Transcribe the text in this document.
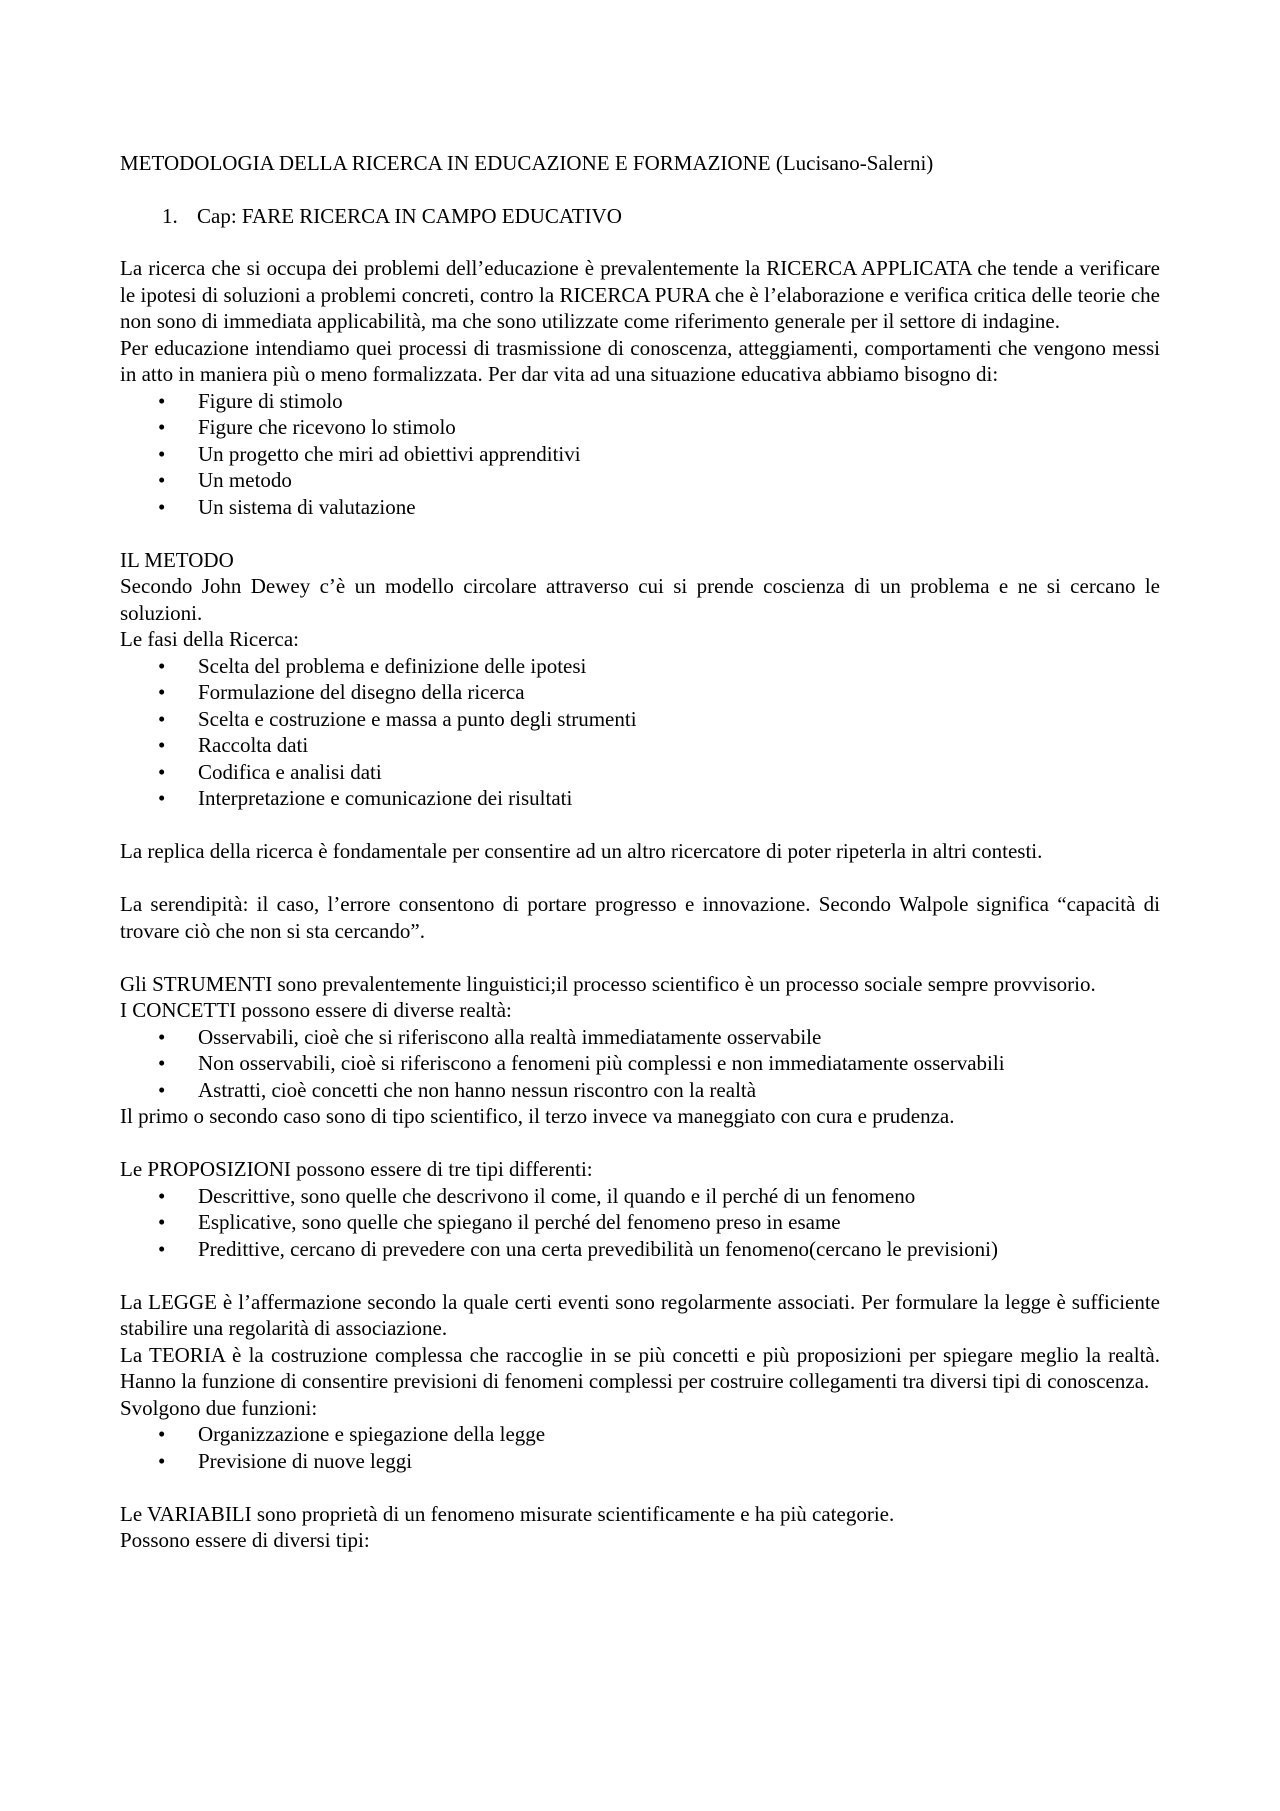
METODOLOGIA DELLA RICERCA IN EDUCAZIONE E FORMAZIONE (Lucisano-Salerni)

1. Cap: FARE RICERCA IN CAMPO EDUCATIVO

La ricerca che si occupa dei problemi dell’educazione è prevalentemente la RICERCA APPLICATA che tende a verificare le ipotesi di soluzioni a problemi concreti, contro la RICERCA PURA che è l’elaborazione e verifica critica delle teorie che non sono di immediata applicabilità, ma che sono utilizzate come riferimento generale per il settore di indagine.

Per educazione intendiamo quei processi di trasmissione di conoscenza, atteggiamenti, comportamenti che vengono messi in atto in maniera più o meno formalizzata. Per dar vita ad una situazione educativa abbiamo bisogno di:

• Figure di stimolo
• Figure che ricevono lo stimolo
• Un progetto che miri ad obiettivi apprenditivi
• Un metodo
• Un sistema di valutazione

IL METODO

Secondo John Dewey c’è un modello circolare attraverso cui si prende coscienza di un problema e ne si cercano le soluzioni.

Le fasi della Ricerca:

• Scelta del problema e definizione delle ipotesi
• Formulazione del disegno della ricerca
• Scelta e costruzione e massa a punto degli strumenti
• Raccolta dati
• Codifica e analisi dati
• Interpretazione e comunicazione dei risultati

La replica della ricerca è fondamentale per consentire ad un altro ricercatore di poter ripeterla in altri contesti.

La serendipità: il caso, l’errore consentono di portare progresso e innovazione. Secondo Walpole significa “capacità di trovare ciò che non si sta cercando”.

Gli STRUMENTI sono prevalentemente linguistici;il processo scientifico è un processo sociale sempre provvisorio.

I CONCETTI possono essere di diverse realtà:

• Osservabili, cioè che si riferiscono alla realtà immediatamente osservabile
• Non osservabili, cioè si riferiscono a fenomeni più complessi e non immediatamente osservabili
• Astratti, cioè concetti che non hanno nessun riscontro con la realtà

Il primo o secondo caso sono di tipo scientifico, il terzo invece va maneggiato con cura e prudenza.

Le PROPOSIZIONI possono essere di tre tipi differenti:

• Descrittive, sono quelle che descrivono il come, il quando e il perché di un fenomeno
• Esplicative, sono quelle che spiegano il perché del fenomeno preso in esame
• Predittive, cercano di prevedere con una certa prevedibilità un fenomeno(cercano le previsioni)

La LEGGE è l’affermazione secondo la quale certi eventi sono regolarmente associati. Per formulare la legge è sufficiente stabilire una regolarità di associazione.

La TEORIA è la costruzione complessa che raccoglie in se più concetti e più proposizioni per spiegare meglio la realtà. Hanno la funzione di consentire previsioni di fenomeni complessi per costruire collegamenti tra diversi tipi di conoscenza.

Svolgono due funzioni:

• Organizzazione e spiegazione della legge
• Previsione di nuove leggi

Le VARIABILI sono proprietà di un fenomeno misurate scientificamente e ha più categorie.

Possono essere di diversi tipi:
